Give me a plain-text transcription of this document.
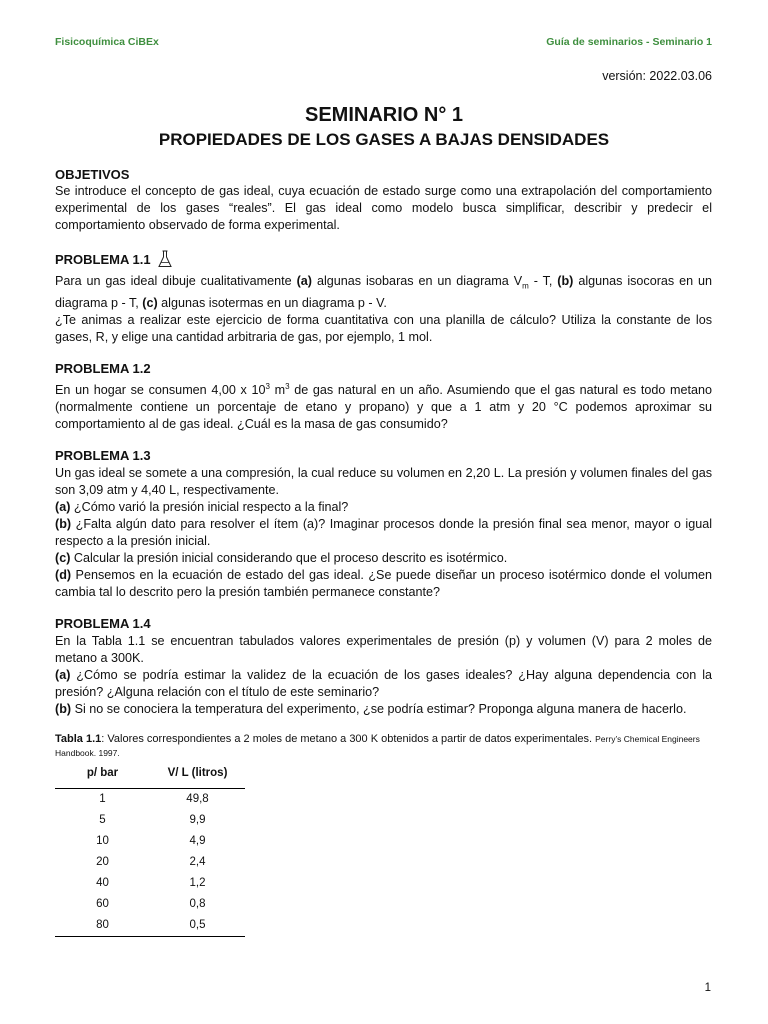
Fisicoquímica CiBEx	Guía de seminarios - Seminario 1
versión: 2022.03.06
SEMINARIO N° 1
PROPIEDADES DE LOS GASES A BAJAS DENSIDADES
OBJETIVOS

Se introduce el concepto de gas ideal, cuya ecuación de estado surge como una extrapolación del comportamiento experimental de los gases “reales”. El gas ideal como modelo busca simplificar, describir y predecir el comportamiento observado de forma experimental.

PROBLEMA 1.1

Para un gas ideal dibuje cualitativamente (a) algunas isobaras en un diagrama $V_m$ - T, (b) algunas isocoras en un diagrama p - T, (c) algunas isotermas en un diagrama p - V.

¿Te animas a realizar este ejercicio de forma cuantitativa con una planilla de cálculo? Utiliza la constante de los gases, R, y elige una cantidad arbitraria de gas, por ejemplo, 1 mol.

PROBLEMA 1.2

En un hogar se consumen 4,00 x $10^3$ $m^3$ de gas natural en un año. Asumiendo que el gas natural es todo metano (normalmente contiene un porcentaje de etano y propano) y que a 1 atm y 20 °C podemos aproximar su comportamiento al de gas ideal. ¿Cuál es la masa de gas consumido?

PROBLEMA 1.3

Un gas ideal se somete a una compresión, la cual reduce su volumen en 2,20 L. La presión y volumen finales del gas son 3,09 atm y 4,40 L, respectivamente.

(a) ¿Cómo varió la presión inicial respecto a la final?

(b) ¿Falta algún dato para resolver el ítem (a)? Imaginar procesos donde la presión final sea menor, mayor o igual respecto a la presión inicial.

(c) Calcular la presión inicial considerando que el proceso descrito es isotérmico.

(d) Pensemos en la ecuación de estado del gas ideal. ¿Se puede diseñar un proceso isotérmico donde el volumen cambia tal lo descrito pero la presión también permanece constante?

PROBLEMA 1.4

En la Tabla 1.1 se encuentran tabulados valores experimentales de presión (p) y volumen (V) para 2 moles de metano a 300K.

(a) ¿Cómo se podría estimar la validez de la ecuación de los gases ideales? ¿Hay alguna dependencia con la presión? ¿Alguna relación con el título de este seminario?

(b) Si no se conociera la temperatura del experimento, ¿se podría estimar? Proponga alguna manera de hacerlo.

Tabla 1.1: Valores correspondientes a 2 moles de metano a 300 K obtenidos a partir de datos experimentales. Perry’s Chemical Engineers Handbook. 1997.
p/ bar	V/ L (litros)
1	49,8
5	9,9
10	4,9
20	2,4
40	1,2
60	0,8
80	0,5
1
